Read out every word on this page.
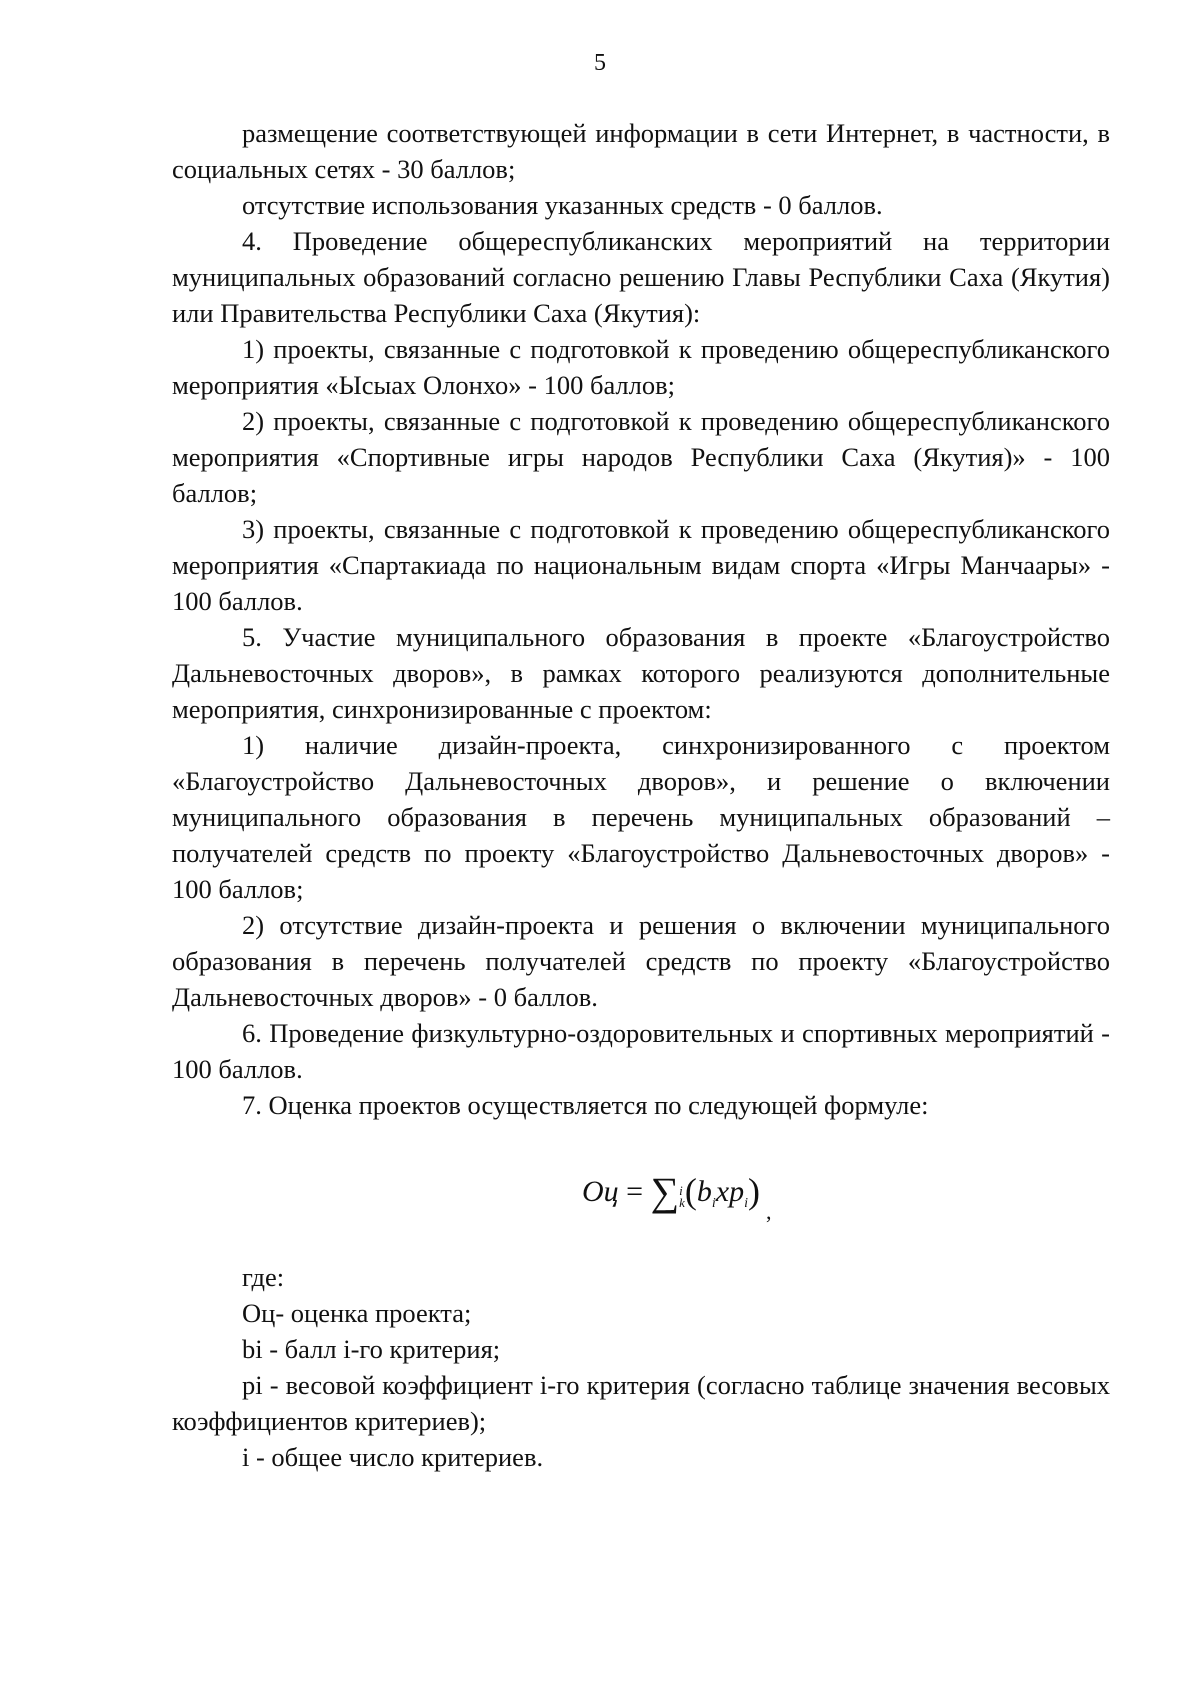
5

размещение соответствующей информации в сети Интернет, в частности, в социальных сетях - 30 баллов;

отсутствие использования указанных средств - 0 баллов.

4. Проведение общереспубликанских мероприятий на территории муниципальных образований согласно решению Главы Республики Саха (Якутия) или Правительства Республики Саха (Якутия):

1) проекты, связанные с подготовкой к проведению общереспубликанского мероприятия «Ысыах Олонхо» - 100 баллов;

2) проекты, связанные с подготовкой к проведению общереспубликанского мероприятия «Спортивные игры народов Республики Саха (Якутия)» - 100 баллов;

3) проекты, связанные с подготовкой к проведению общереспубликанского мероприятия «Спартакиада по национальным видам спорта «Игры Манчаары» - 100 баллов.

5. Участие муниципального образования в проекте «Благоустройство Дальневосточных дворов», в рамках которого реализуются дополнительные мероприятия, синхронизированные с проектом:

1) наличие дизайн-проекта, синхронизированного с проектом «Благоустройство Дальневосточных дворов», и решение о включении муниципального образования в перечень муниципальных образований – получателей средств по проекту «Благоустройство Дальневосточных дворов» - 100 баллов;

2) отсутствие дизайн-проекта и решения о включении муниципального образования в перечень получателей средств по проекту «Благоустройство Дальневосточных дворов» - 0 баллов.

6. Проведение физкультурно-оздоровительных и спортивных мероприятий - 100 баллов.

7. Оценка проектов осуществляется по следующей формуле:

Оц = ∑ i
k $(b_ixp_i)_,$

где:

Оц- оценка проекта;

bi - балл i-го критерия;

pi - весовой коэффициент i-го критерия (согласно таблице значения весовых коэффициентов критериев);

i - общее число критериев.
